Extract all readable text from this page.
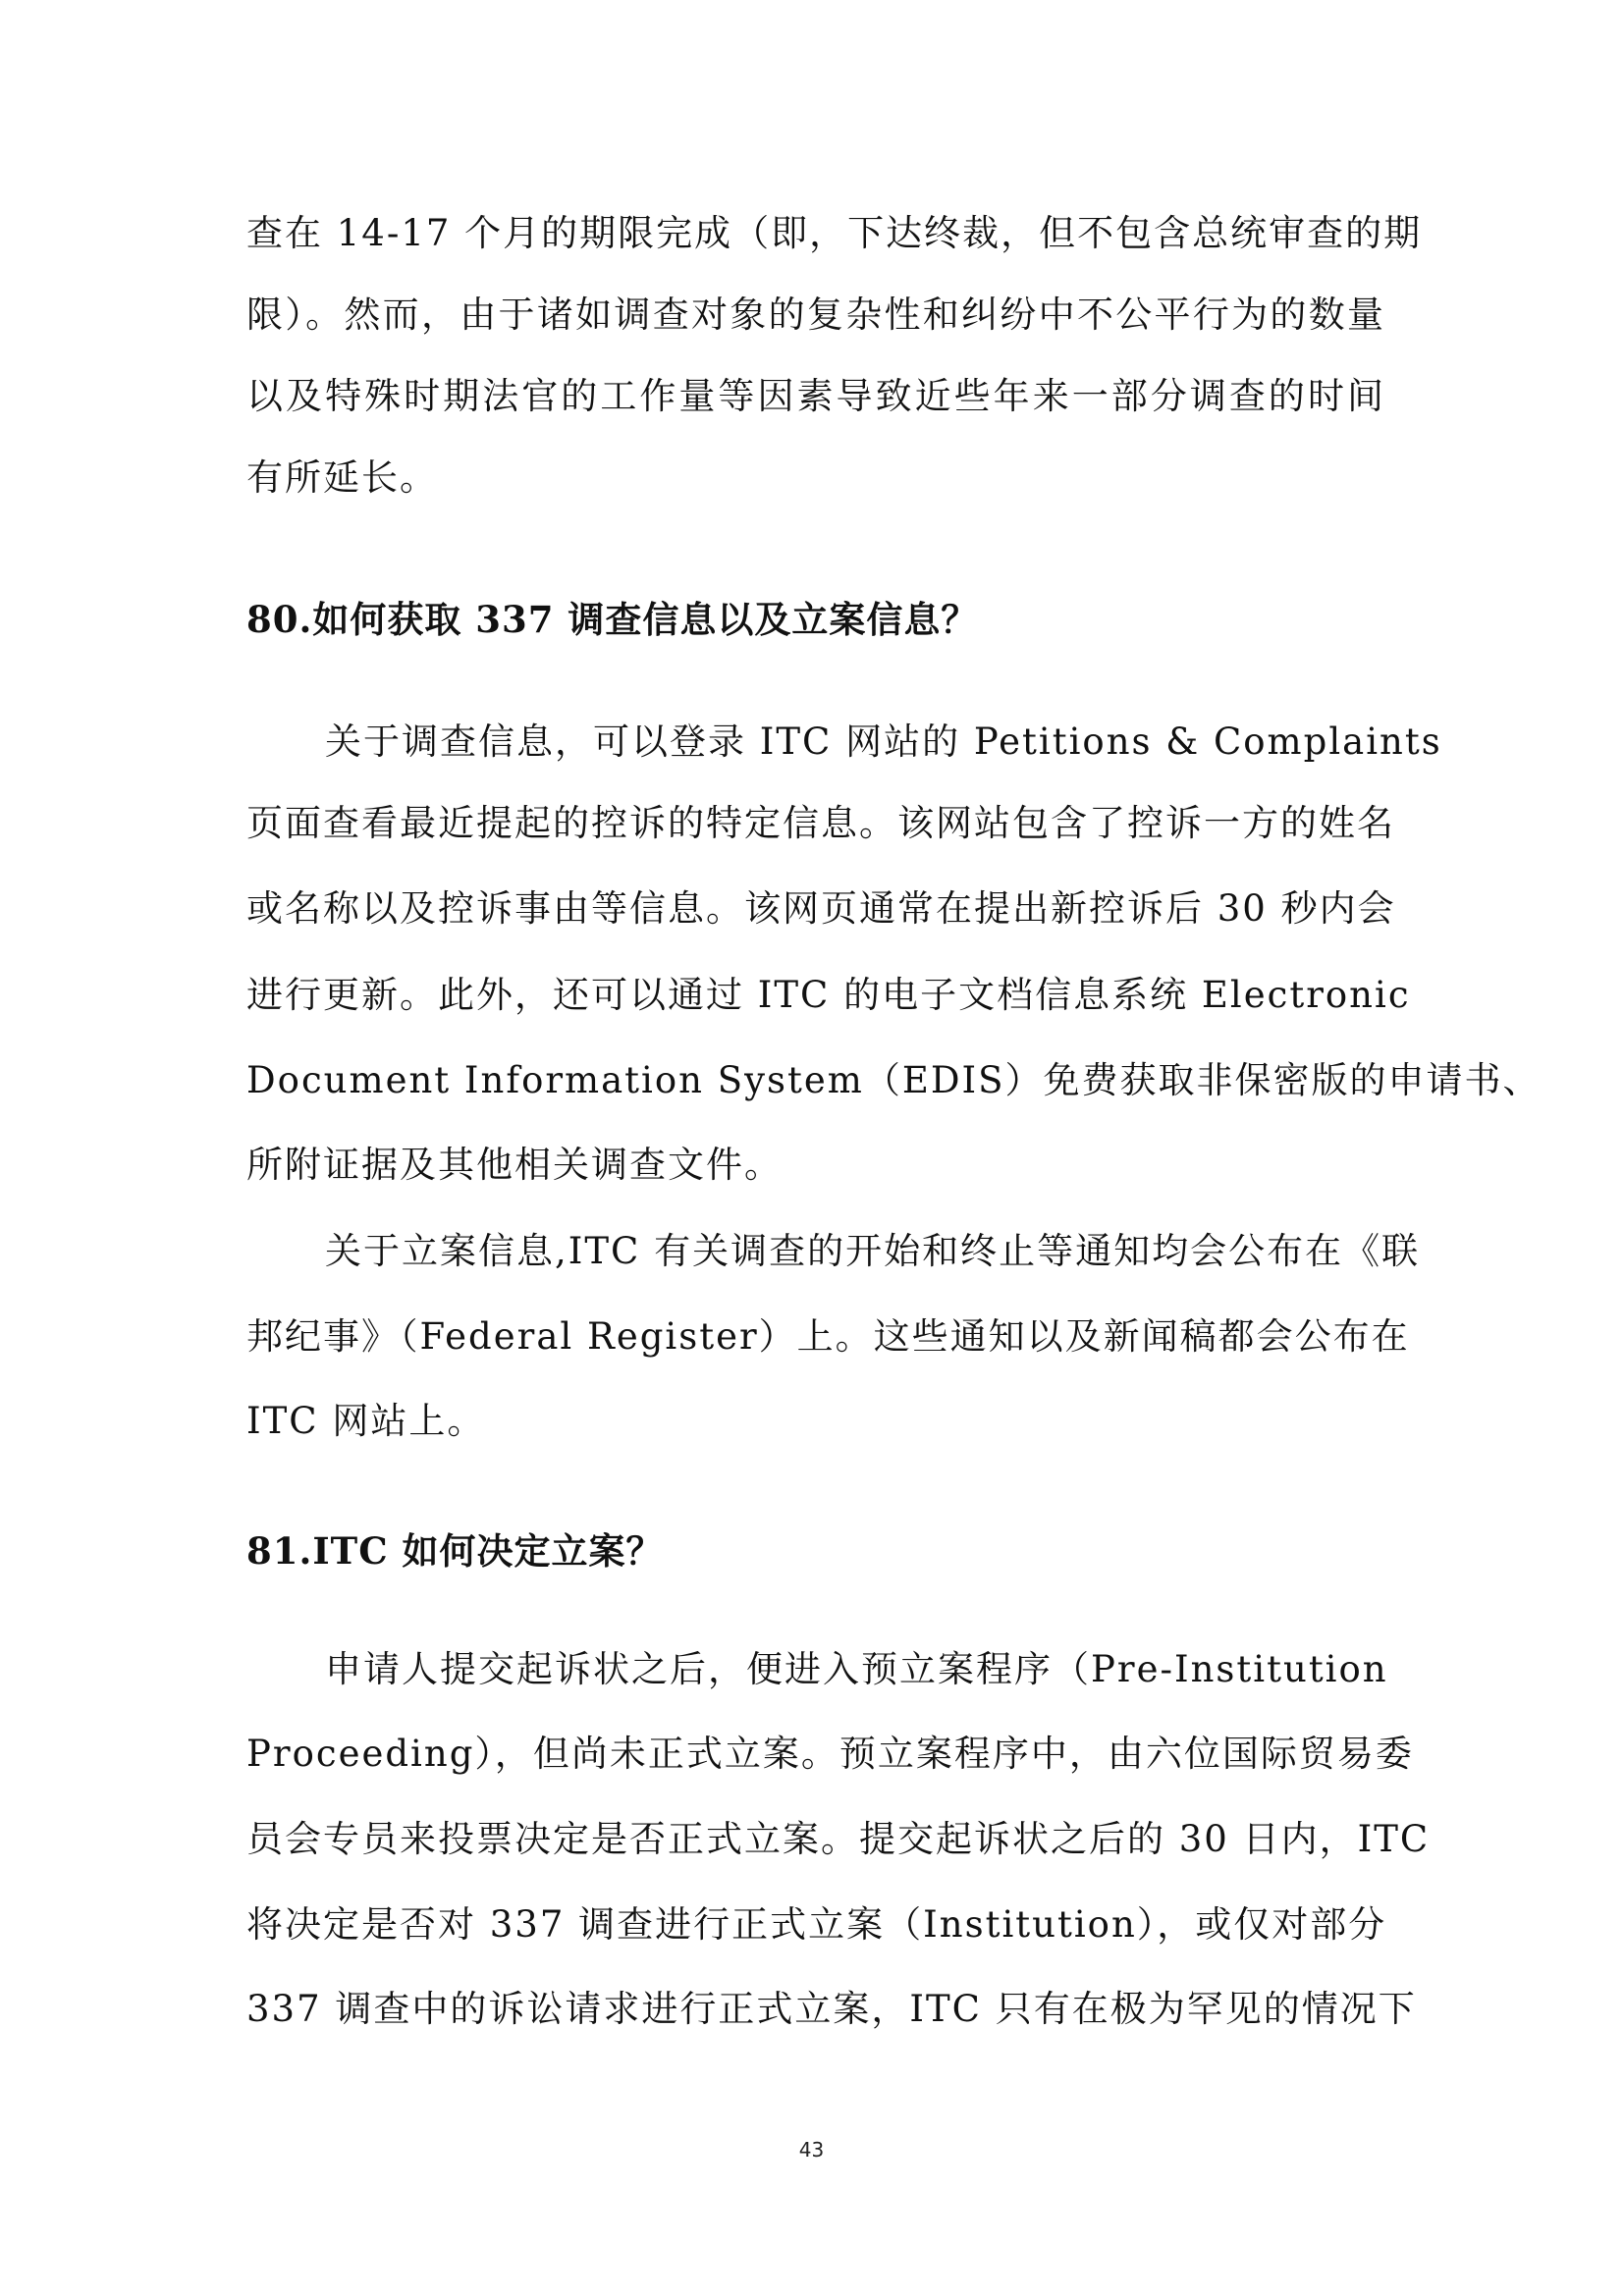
查在 14-17 个月的期限完成（即，下达终裁，但不包含总统审查的期
限）。然而，由于诸如调查对象的复杂性和纠纷中不公平行为的数量
以及特殊时期法官的工作量等因素导致近些年来一部分调查的时间
有所延长。
80.如何获取 337 调查信息以及立案信息？
关于调查信息，可以登录 ITC 网站的 Petitions & Complaints
页面查看最近提起的控诉的特定信息。该网站包含了控诉一方的姓名
或名称以及控诉事由等信息。该网页通常在提出新控诉后 30 秒内会
进行更新。此外，还可以通过 ITC 的电子文档信息系统 Electronic
Document Information System（EDIS）免费获取非保密版的申请书、
所附证据及其他相关调查文件。
关于立案信息,ITC 有关调查的开始和终止等通知均会公布在《联
邦纪事》（Federal Register）上。这些通知以及新闻稿都会公布在
ITC 网站上。
81.ITC 如何决定立案？
申请人提交起诉状之后，便进入预立案程序（Pre-Institution
Proceeding），但尚未正式立案。预立案程序中，由六位国际贸易委
员会专员来投票决定是否正式立案。提交起诉状之后的 30 日内，ITC
将决定是否对 337 调查进行正式立案（Institution），或仅对部分
337 调查中的诉讼请求进行正式立案，ITC 只有在极为罕见的情况下
43
